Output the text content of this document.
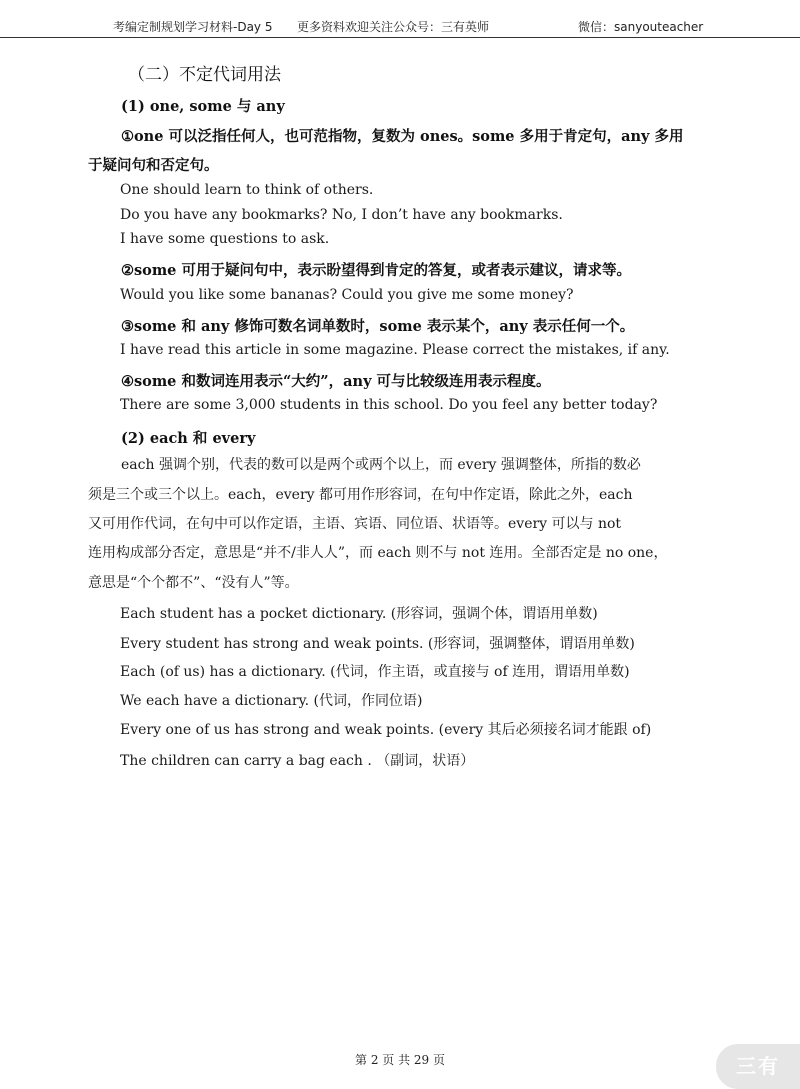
考编定制规划学习材料-Day 5 更多资料欢迎关注公众号：三有英师	微信：sanyouteacher
（二）不定代词用法
(1) one, some 与 any
①one 可以泛指任何人，也可范指物，复数为 ones。some 多用于肯定句，any 多用
于疑问句和否定句。
One should learn to think of others.
Do you have any bookmarks? No, I don’t have any bookmarks.
I have some questions to ask.
②some 可用于疑问句中，表示盼望得到肯定的答复，或者表示建议，请求等。
Would you like some bananas? Could you give me some money?
③some 和 any 修饰可数名词单数时，some 表示某个，any 表示任何一个。
I have read this article in some magazine. Please correct the mistakes, if any.
④some 和数词连用表示“大约”，any 可与比较级连用表示程度。
There are some 3,000 students in this school. Do you feel any better today?
(2) each 和 every
each 强调个别，代表的数可以是两个或两个以上，而 every 强调整体，所指的数必
须是三个或三个以上。each，every 都可用作形容词，在句中作定语，除此之外，each
又可用作代词，在句中可以作定语，主语、宾语、同位语、状语等。every 可以与 not
连用构成部分否定，意思是“并不/非人人”，而 each 则不与 not 连用。全部否定是 no one，
意思是“个个都不”、“没有人”等。
Each student has a pocket dictionary. (形容词，强调个体，谓语用单数)
Every student has strong and weak points. (形容词，强调整体，谓语用单数)
Each (of us) has a dictionary. (代词，作主语，或直接与 of 连用，谓语用单数)
We each have a dictionary. (代词，作同位语)
Every one of us has strong and weak points. (every 其后必须接名词才能跟 of)
The children can carry a bag each . （副词，状语）
第 2 页 共 29 页	三有
